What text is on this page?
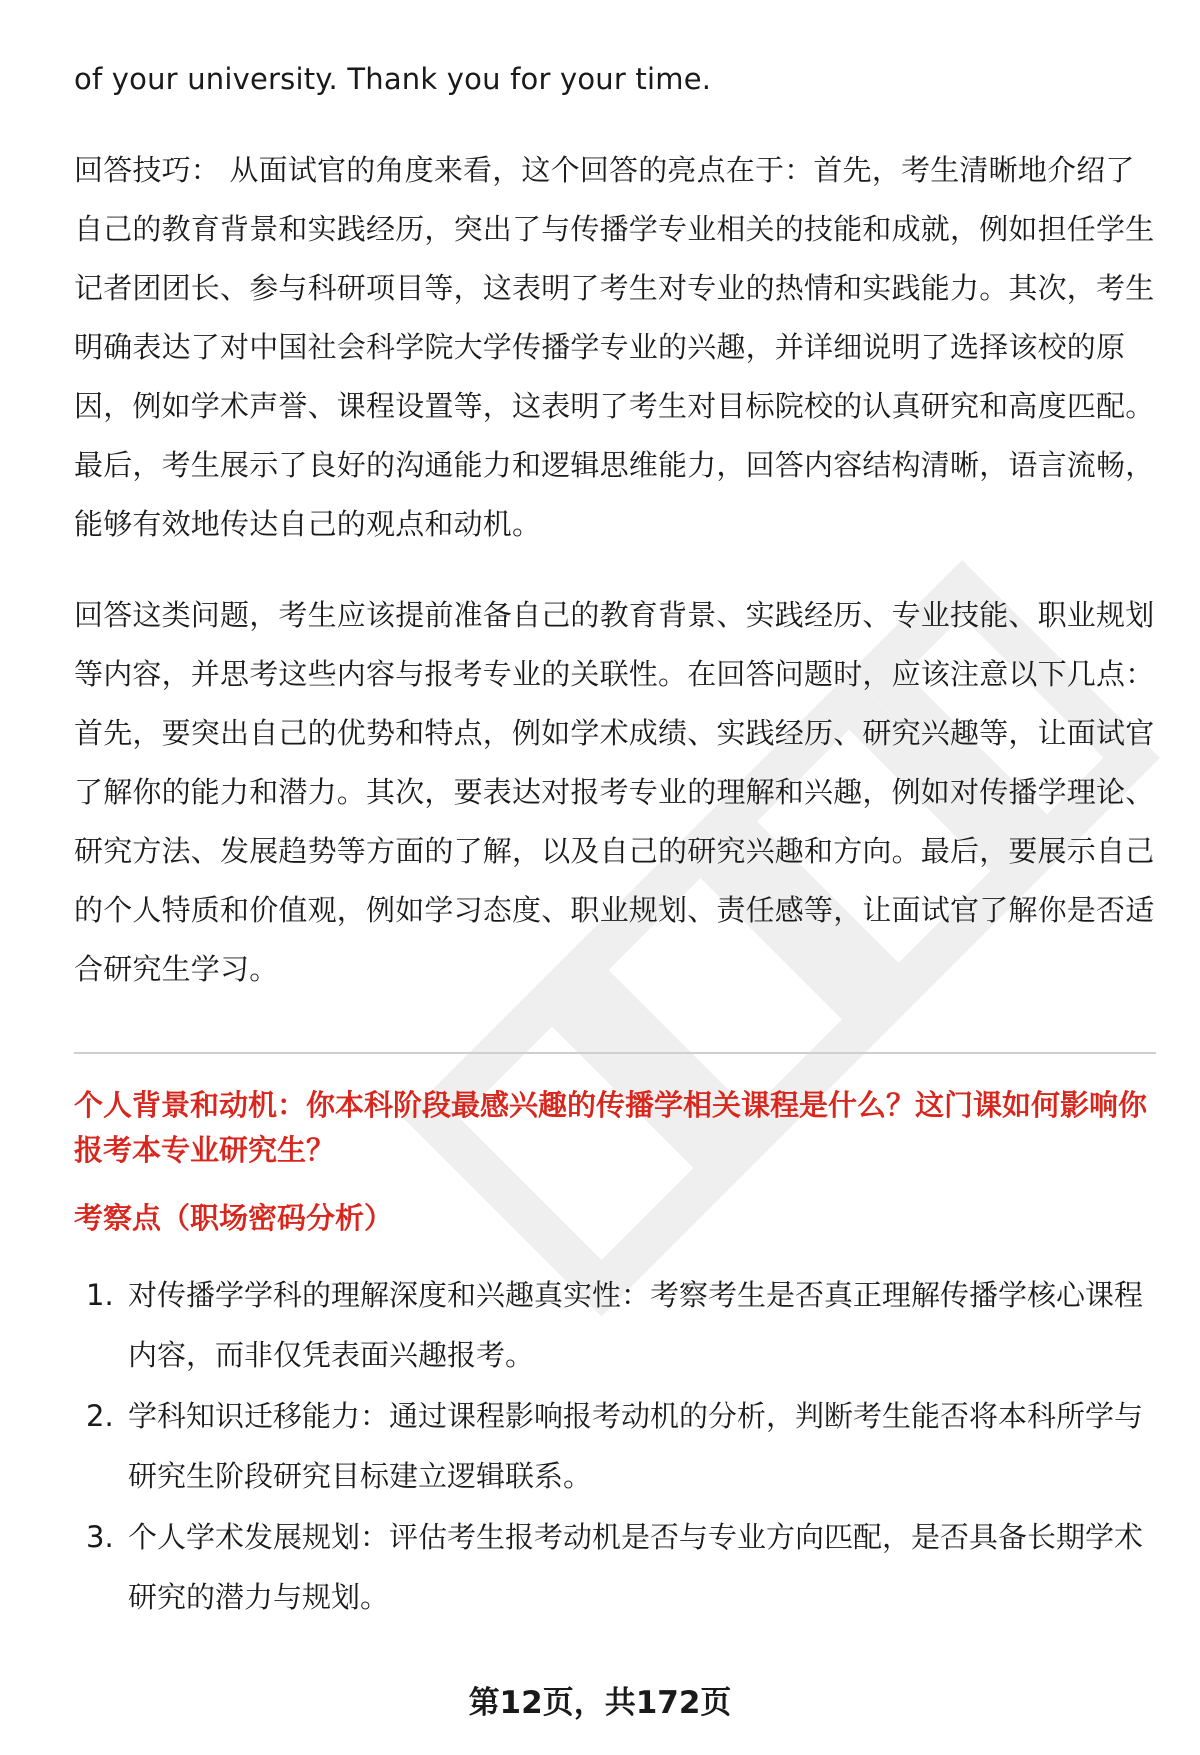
of your university. Thank you for your time.

回答技巧： 从面试官的角度来看，这个回答的亮点在于：首先，考生清晰地介绍了自己的教育背景和实践经历，突出了与传播学专业相关的技能和成就，例如担任学生记者团团长、参与科研项目等，这表明了考生对专业的热情和实践能力。其次，考生明确表达了对中国社会科学院大学传播学专业的兴趣，并详细说明了选择该校的原因，例如学术声誉、课程设置等，这表明了考生对目标院校的认真研究和高度匹配。最后，考生展示了良好的沟通能力和逻辑思维能力，回答内容结构清晰，语言流畅，能够有效地传达自己的观点和动机。

回答这类问题，考生应该提前准备自己的教育背景、实践经历、专业技能、职业规划等内容，并思考这些内容与报考专业的关联性。在回答问题时，应该注意以下几点：首先，要突出自己的优势和特点，例如学术成绩、实践经历、研究兴趣等，让面试官了解你的能力和潜力。其次，要表达对报考专业的理解和兴趣，例如对传播学理论、研究方法、发展趋势等方面的了解，以及自己的研究兴趣和方向。最后，要展示自己的个人特质和价值观，例如学习态度、职业规划、责任感等，让面试官了解你是否适合研究生学习。

个人背景和动机：你本科阶段最感兴趣的传播学相关课程是什么？这门课如何影响你报考本专业研究生？

考察点（职场密码分析）

1. 对传播学学科的理解深度和兴趣真实性：考察考生是否真正理解传播学核心课程内容，而非仅凭表面兴趣报考。
2. 学科知识迁移能力：通过课程影响报考动机的分析，判断考生能否将本科所学与研究生阶段研究目标建立逻辑联系。
3. 个人学术发展规划：评估考生报考动机是否与专业方向匹配，是否具备长期学术研究的潜力与规划。
第12页，共172页
